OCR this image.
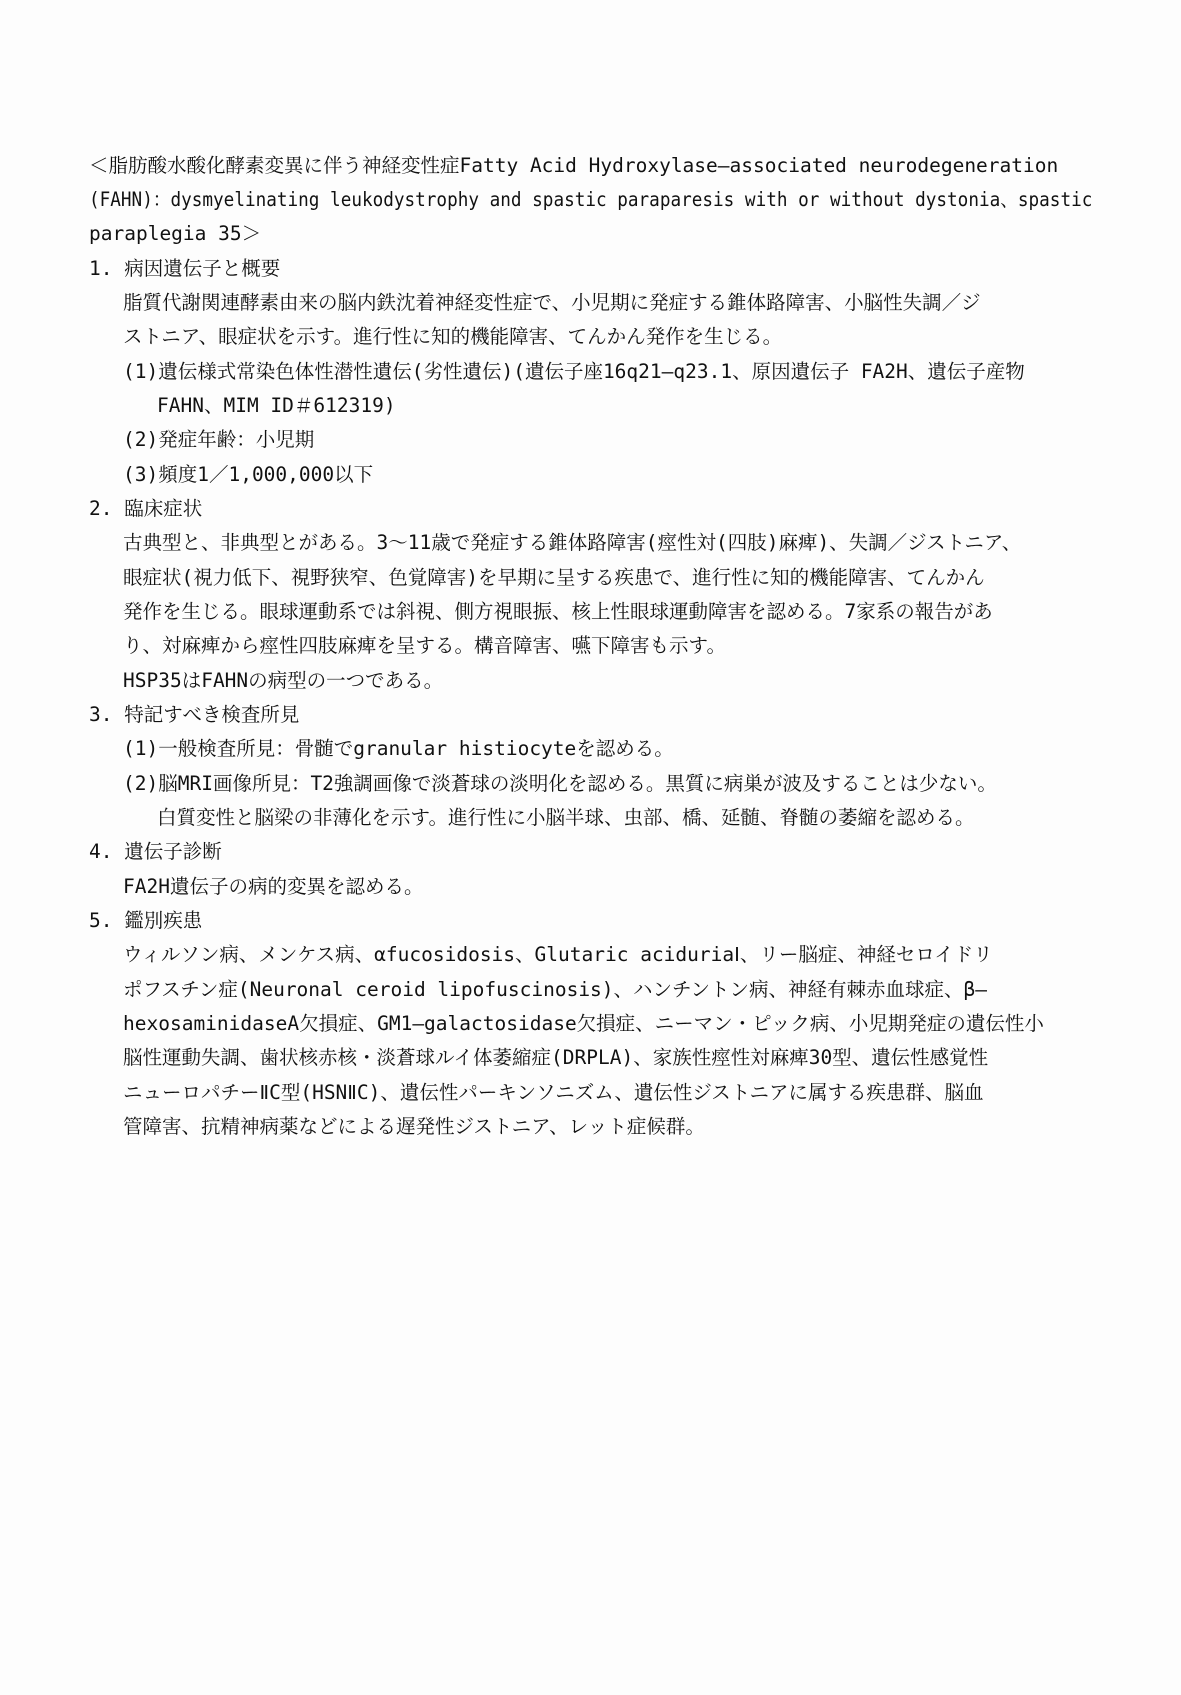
＜脂肪酸水酸化酵素変異に伴う神経変性症Fatty Acid Hydroxylase—associated neurodegeneration
(FAHN)：dysmyelinating leukodystrophy and spastic paraparesis with or without dystonia、spastic
paraplegia 35＞
1. 病因遺伝子と概要
脂質代謝関連酵素由来の脳内鉄沈着神経変性症で、小児期に発症する錐体路障害、小脳性失調／ジ
ストニア、眼症状を示す。進行性に知的機能障害、てんかん発作を生じる。
(1)遺伝様式常染色体性潜性遺伝(劣性遺伝)(遺伝子座16q21—q23.1、原因遺伝子 FA2H、遺伝子産物
FAHN、MIM ID＃612319)
(2)発症年齢：小児期
(3)頻度1／1,000,000以下
2. 臨床症状
古典型と、非典型とがある。3〜11歳で発症する錐体路障害(痙性対(四肢)麻痺)、失調／ジストニア、
眼症状(視力低下、視野狭窄、色覚障害)を早期に呈する疾患で、進行性に知的機能障害、てんかん
発作を生じる。眼球運動系では斜視、側方視眼振、核上性眼球運動障害を認める。7家系の報告があ
り、対麻痺から痙性四肢麻痺を呈する。構音障害、嚥下障害も示す。
HSP35はFAHNの病型の一つである。
3. 特記すべき検査所見
(1)一般検査所見：骨髄でgranular histiocyteを認める。
(2)脳MRI画像所見：T2強調画像で淡蒼球の淡明化を認める。黒質に病巣が波及することは少ない。
白質変性と脳梁の非薄化を示す。進行性に小脳半球、虫部、橋、延髄、脊髄の萎縮を認める。
4. 遺伝子診断
FA2H遺伝子の病的変異を認める。
5. 鑑別疾患
ウィルソン病、メンケス病、αfucosidosis、Glutaric aciduriaⅠ、リー脳症、神経セロイドリ
ポフスチン症(Neuronal ceroid lipofuscinosis)、ハンチントン病、神経有棘赤血球症、β—
hexosaminidaseA欠損症、GM1—galactosidase欠損症、ニーマン・ピック病、小児期発症の遺伝性小
脳性運動失調、歯状核赤核・淡蒼球ルイ体萎縮症(DRPLA)、家族性痙性対麻痺30型、遺伝性感覚性
ニューロパチーⅡC型(HSNⅡC)、遺伝性パーキンソニズム、遺伝性ジストニアに属する疾患群、脳血
管障害、抗精神病薬などによる遅発性ジストニア、レット症候群。
